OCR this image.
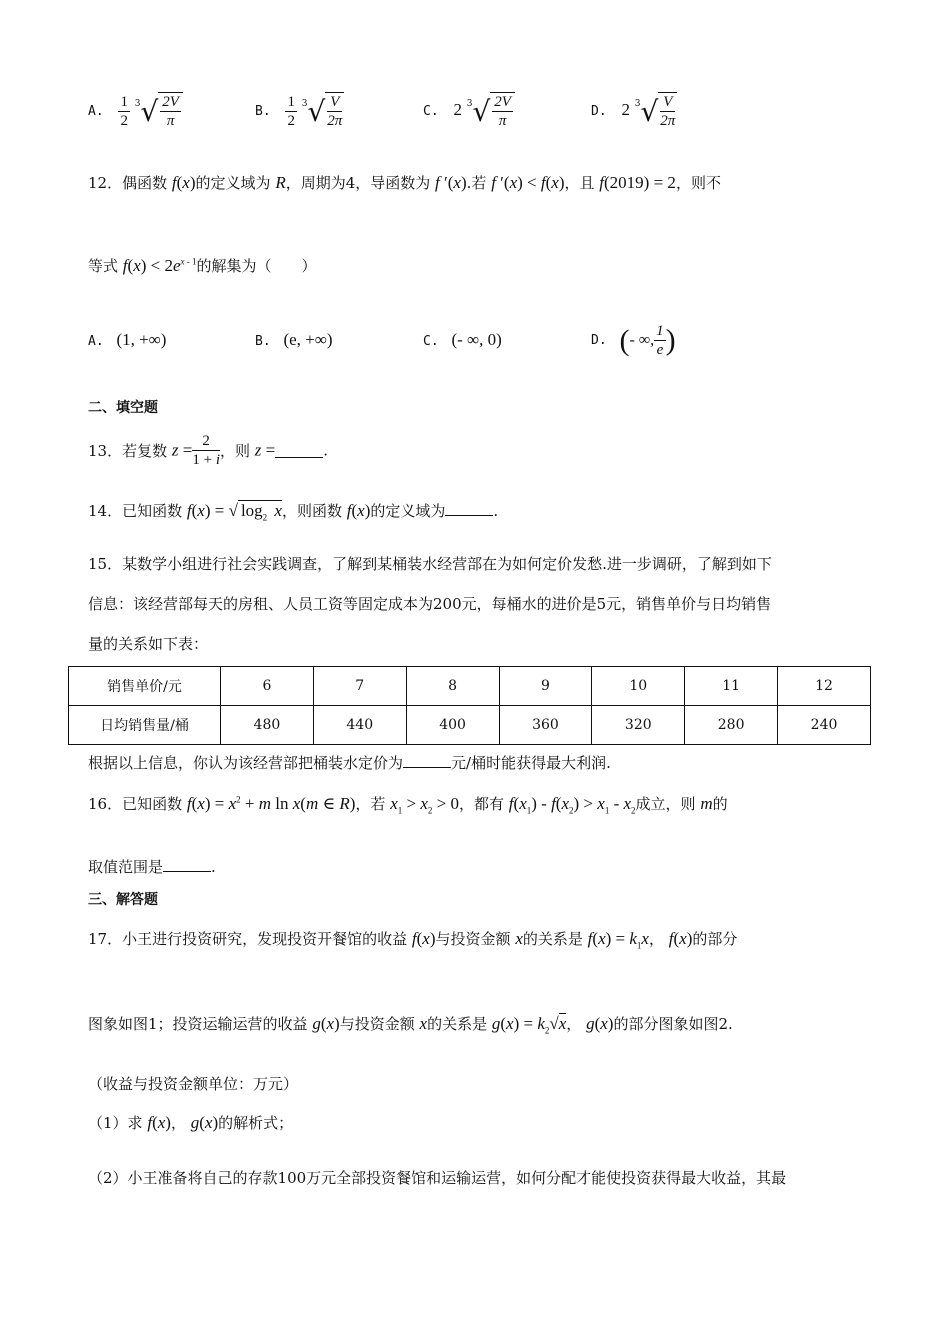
A. $\frac{1}{2} ^3√ \frac{2V}{\pi}$	B. $\frac{1}{2} ^3√ \frac{V}{2\pi}$	C. 2 $^3√ \frac{2V}{\pi}$	D. 2 $^3√ \frac{V}{2\pi}$
12．偶函数 f(x)的定义域为 R，周期为4，导函数为 f ′(x).若 f ′(x) < f(x)，且 f(2019) = 2，则不
等式 $f(x) < 2e^{x - 1}$的解集为（　　）
A. (1, +∞)	B. (e, +∞)	C. (- ∞, 0)	D. (- ∞, $\frac{1}{e}$ )
二、填空题
13．若复数 $z = \frac{2}{1 + i}$ ，则 z =	.
14．已知函数 f(x) = √ $\log_2 x$，则函数 f(x)的定义域为	.
15．某数学小组进行社会实践调查，了解到某桶装水经营部在为如何定价发愁.进一步调研，了解到如下
信息：该经营部每天的房租、人员工资等固定成本为200元，每桶水的进价是5元，销售单价与日均销售
量的关系如下表：
销售单价/元	6	7	8	9	10	11	12
日均销售量/桶	480	440	400	360	320	280	240
根据以上信息，你认为该经营部把桶装水定价为	元/桶时能获得最大利润.
16．已知函数 $f(x) = x^2 + m$ ln x(m ∈ R)，若 $x_1 > x_2 > 0$，都有 $f(x_1) - f(x_2) > x_1 - x_2$成立，则 m的
取值范围是	.
三、解答题
17．小王进行投资研究，发现投资开餐馆的收益 f(x)与投资金额 x的关系是 $f(x) = k_1x$， f(x)的部分
图象如图1；投资运输运营的收益 g(x)与投资金额 x的关系是 $g(x) = k_2√x$， g(x)的部分图象如图2.
（收益与投资金额单位：万元）
（1）求 f(x)， g(x)的解析式；
（2）小王准备将自己的存款100万元全部投资餐馆和运输运营，如何分配才能使投资获得最大收益，其最
